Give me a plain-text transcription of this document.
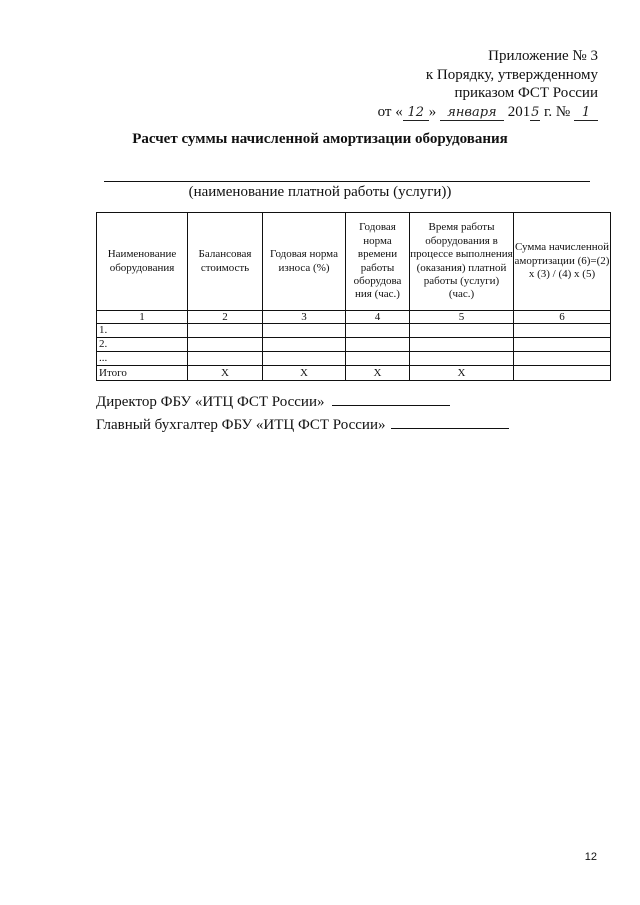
Приложение № 3
к Порядку, утвержденному
приказом ФСТ России
от « 12 » января 2015 г. № 1
Расчет суммы начисленной амортизации оборудования
(наименование платной работы (услуги))
Наименование оборудования	Балансовая стоимость	Годовая норма износа (%)	Годовая норма времени работы оборудова ния (час.)	Время работы оборудования в процессе выполнения (оказания) платной работы (услуги) (час.)	Сумма начисленной амортизации (6)=(2) х (3) / (4) х (5)
1	2	3	4	5	6
1.					
2.					
...					
Итого	X	X	X	X	
Директор ФБУ «ИТЦ ФСТ России»
Главный бухгалтер ФБУ «ИТЦ ФСТ России»
12
